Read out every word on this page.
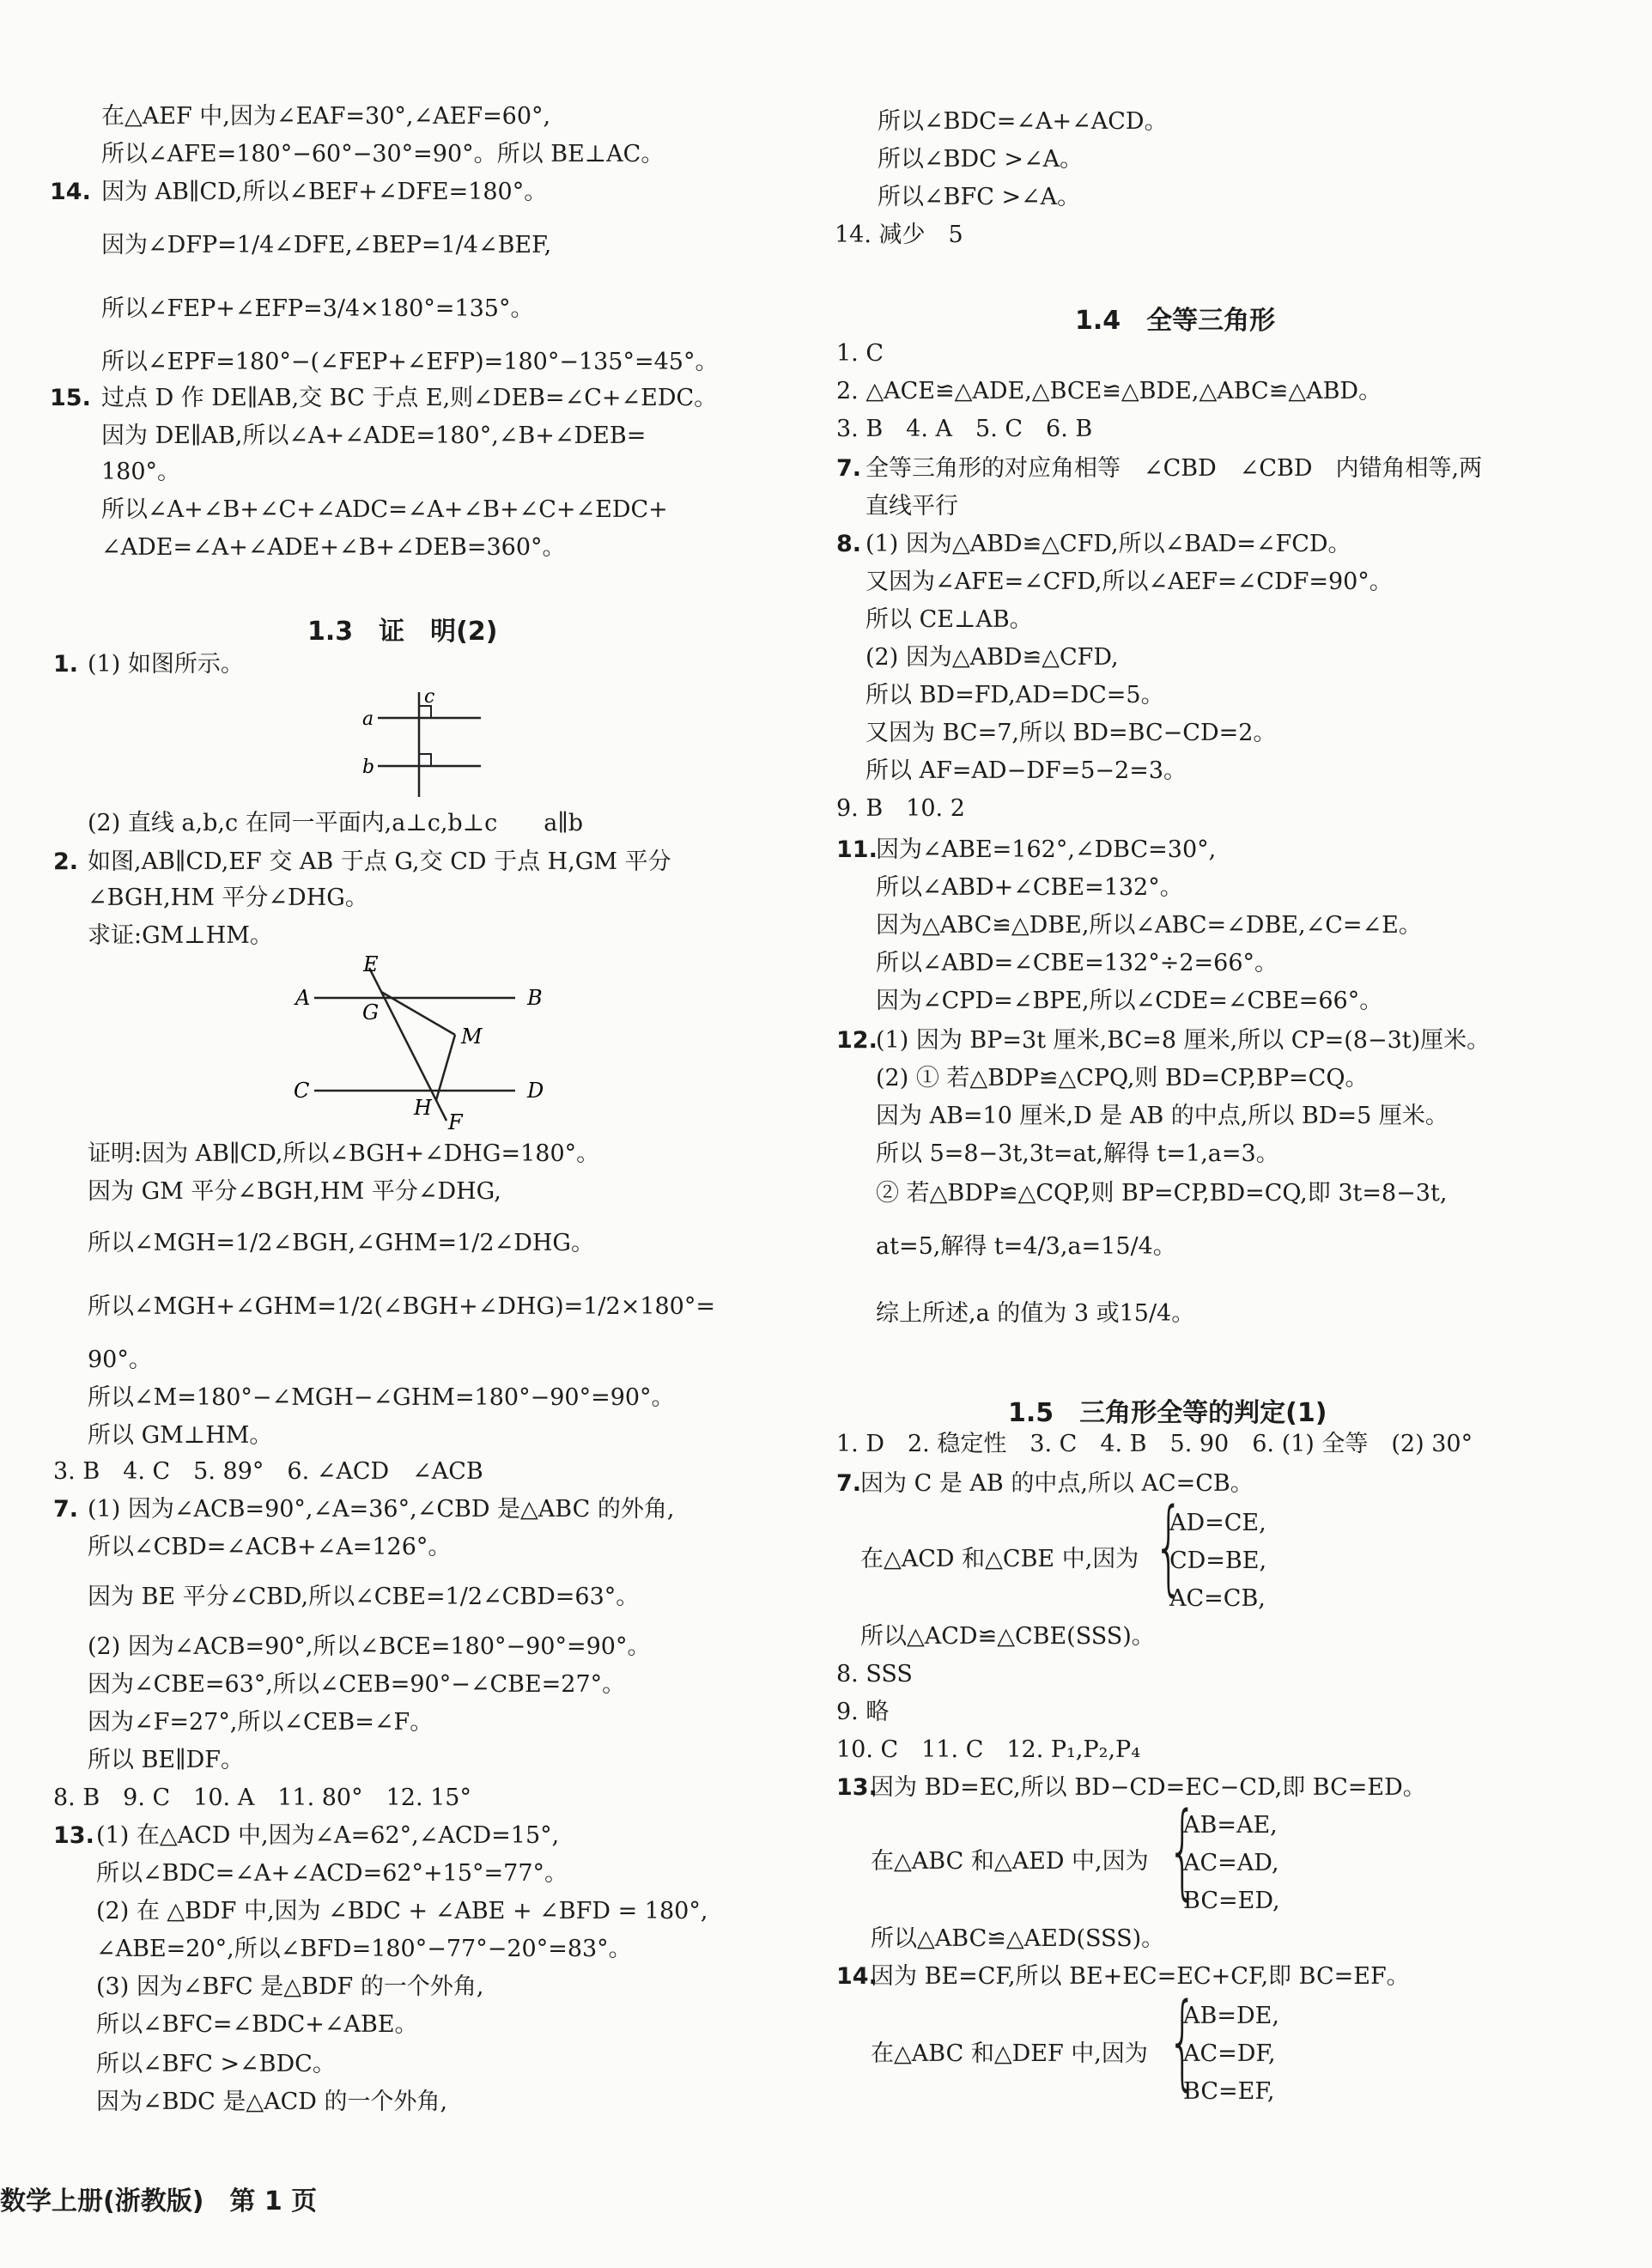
在△AEF 中,因为∠EAF=30°,∠AEF=60°,
所以∠AFE=180°−60°−30°=90°。所以 BE⊥AC。
14. 因为 AB∥CD,所以∠BEF+∠DFE=180°。
因为∠DFP=1/4∠DFE,∠BEP=1/4∠BEF,
所以∠FEP+∠EFP=3/4×180°=135°。
所以∠EPF=180°−(∠FEP+∠EFP)=180°−135°=45°。
15. 过点 D 作 DE∥AB,交 BC 于点 E,则∠DEB=∠C+∠EDC。
因为 DE∥AB,所以∠A+∠ADE=180°,∠B+∠DEB=
180°。
所以∠A+∠B+∠C+∠ADC=∠A+∠B+∠C+∠EDC+
∠ADE=∠A+∠ADE+∠B+∠DEB=360°。
1.3　证　明(2)
1. (1) 如图所示。
a
b
c
(2) 直线 a,b,c 在同一平面内,a⊥c,b⊥c　　a∥b
2. 如图,AB∥CD,EF 交 AB 于点 G,交 CD 于点 H,GM 平分
∠BGH,HM 平分∠DHG。
求证:GM⊥HM。
E
A	B
G
M
C	D
H
F
证明:因为 AB∥CD,所以∠BGH+∠DHG=180°。
因为 GM 平分∠BGH,HM 平分∠DHG,
所以∠MGH=1/2∠BGH,∠GHM=1/2∠DHG。
所以∠MGH+∠GHM=1/2(∠BGH+∠DHG)=1/2×180°=
90°。
所以∠M=180°−∠MGH−∠GHM=180°−90°=90°。
所以 GM⊥HM。
3. B　4. C　5. 89°　6. ∠ACD　∠ACB
7. (1) 因为∠ACB=90°,∠A=36°,∠CBD 是△ABC 的外角,
所以∠CBD=∠ACB+∠A=126°。
因为 BE 平分∠CBD,所以∠CBE=1/2∠CBD=63°。
(2) 因为∠ACB=90°,所以∠BCE=180°−90°=90°。
因为∠CBE=63°,所以∠CEB=90°−∠CBE=27°。
因为∠F=27°,所以∠CEB=∠F。
所以 BE∥DF。
8. B　9. C　10. A　11. 80°　12. 15°
13. (1) 在△ACD 中,因为∠A=62°,∠ACD=15°,
所以∠BDC=∠A+∠ACD=62°+15°=77°。
(2) 在 △BDF 中,因为 ∠BDC + ∠ABE + ∠BFD = 180°,
∠ABE=20°,所以∠BFD=180°−77°−20°=83°。
(3) 因为∠BFC 是△BDF 的一个外角,
所以∠BFC=∠BDC+∠ABE。
所以∠BFC >∠BDC。
因为∠BDC 是△ACD 的一个外角,
数学上册(浙教版)　第 1 页
所以∠BDC=∠A+∠ACD。
所以∠BDC >∠A。
所以∠BFC >∠A。
14. 减少　5
1.4　全等三角形
1. C
2. △ACE≌△ADE,△BCE≌△BDE,△ABC≌△ABD。
3. B　4. A　5. C　6. B
7. 全等三角形的对应角相等　∠CBD　∠CBD　内错角相等,两
直线平行
8. (1) 因为△ABD≌△CFD,所以∠BAD=∠FCD。
又因为∠AFE=∠CFD,所以∠AEF=∠CDF=90°。
所以 CE⊥AB。
(2) 因为△ABD≌△CFD,
所以 BD=FD,AD=DC=5。
又因为 BC=7,所以 BD=BC−CD=2。
所以 AF=AD−DF=5−2=3。
9. B　10. 2
11.
因为∠ABE=162°,∠DBC=30°,
所以∠ABD+∠CBE=132°。
因为△ABC≌△DBE,所以∠ABC=∠DBE,∠C=∠E。
所以∠ABD=∠CBE=132°÷2=66°。
因为∠CPD=∠BPE,所以∠CDE=∠CBE=66°。
12.
(1) 因为 BP=3t 厘米,BC=8 厘米,所以 CP=(8−3t)厘米。
(2) ① 若△BDP≌△CPQ,则 BD=CP,BP=CQ。
因为 AB=10 厘米,D 是 AB 的中点,所以 BD=5 厘米。
所以 5=8−3t,3t=at,解得 t=1,a=3。
② 若△BDP≌△CQP,则 BP=CP,BD=CQ,即 3t=8−3t,
at=5,解得 t=4/3,a=15/4。
综上所述,a 的值为 3 或15/4。
1.5　三角形全等的判定(1)
1. D　2. 稳定性　3. C　4. B　5. 90　6. (1) 全等　(2) 30°
7.
因为 C 是 AB 的中点,所以 AC=CB。
在△ACD 和△CBE 中,因为 {
AD=CE,
CD=BE,
AC=CB,
所以△ACD≌△CBE(SSS)。
8. SSS
9. 略
10. C　11. C　12. P₁,P₂,P₄
13.
因为 BD=EC,所以 BD−CD=EC−CD,即 BC=ED。
在△ABC 和△AED 中,因为 {
AB=AE,
AC=AD,
BC=ED,
所以△ABC≌△AED(SSS)。
14.
因为 BE=CF,所以 BE+EC=EC+CF,即 BC=EF。
在△ABC 和△DEF 中,因为 {
AB=DE,
AC=DF,
BC=EF,
